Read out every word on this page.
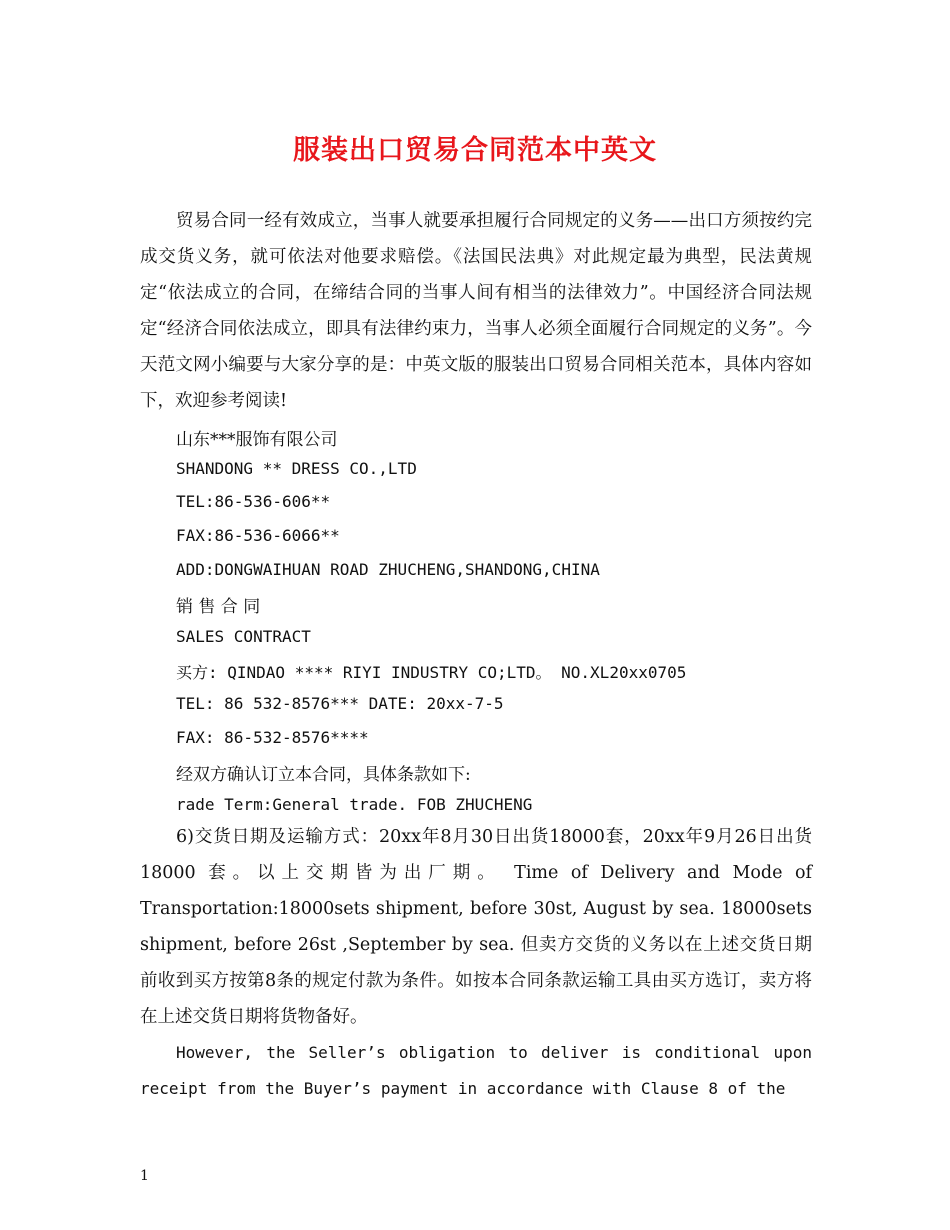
服装出口贸易合同范本中英文
贸易合同一经有效成立，当事人就要承担履行合同规定的义务——出口方须按约完成交货义务，就可依法对他要求赔偿。《法国民法典》对此规定最为典型，民法黄规定“依法成立的合同，在缔结合同的当事人间有相当的法律效力”。中国经济合同法规定“经济合同依法成立，即具有法律约束力，当事人必须全面履行合同规定的义务”。今天范文网小编要与大家分享的是：中英文版的服装出口贸易合同相关范本，具体内容如下，欢迎参考阅读!
山东***服饰有限公司
SHANDONG ** DRESS CO.,LTD
TEL:86-536-606**
FAX:86-536-6066**
ADD:DONGWAIHUAN ROAD ZHUCHENG,SHANDONG,CHINA
销 售 合 同
SALES CONTRACT
买方: QINDAO **** RIYI INDUSTRY CO;LTD。 NO.XL20xx0705
TEL: 86 532-8576*** DATE: 20xx-7-5
FAX: 86-532-8576****
经双方确认订立本合同，具体条款如下:
rade Term:General trade. FOB ZHUCHENG
6)交货日期及运输方式：20xx年8月30日出货18000套，20xx年9月26日出货 18000 套。以上交期皆为出厂期。 Time of Delivery and Mode of Transportation:18000sets shipment, before 30st, August by sea. 18000sets shipment, before 26st ,September by sea. 但卖方交货的义务以在上述交货日期前收到买方按第8条的规定付款为条件。如按本合同条款运输工具由买方选订，卖方将在上述交货日期将货物备好。
However, the Seller’s obligation to deliver is conditional upon receipt from the Buyer’s payment in accordance with Clause 8 of the
1
